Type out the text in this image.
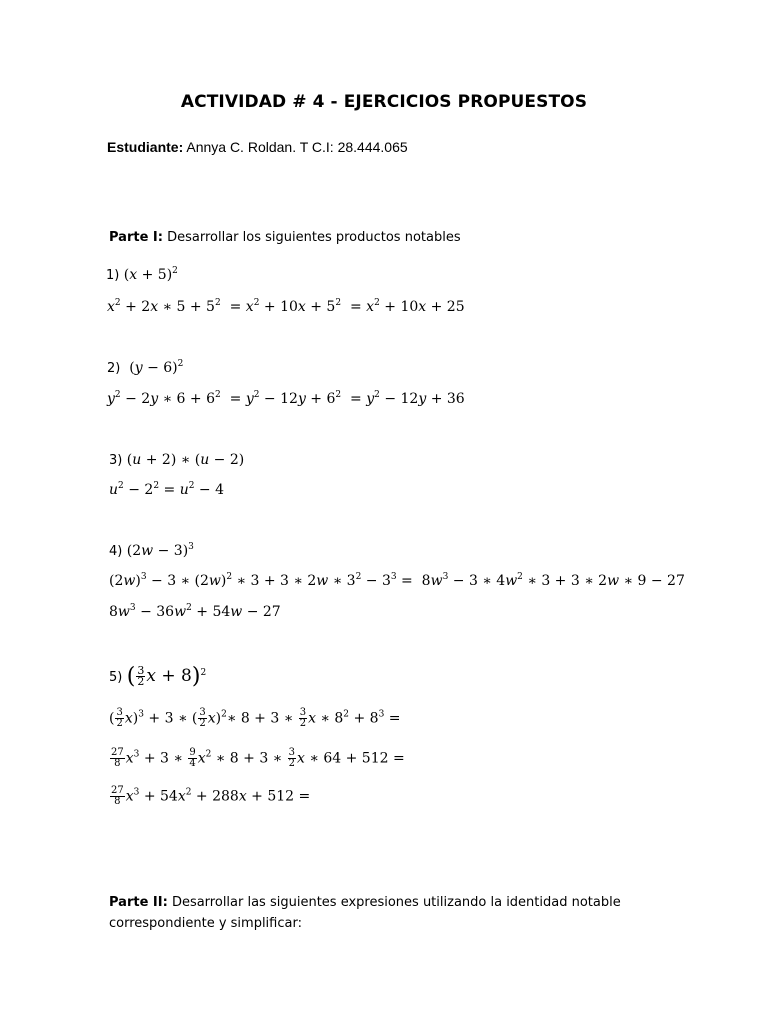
ACTIVIDAD # 4 - EJERCICIOS PROPUESTOS
Estudiante: Annya C. Roldan. T C.I: 28.444.065
Parte I: Desarrollar los siguientes productos notables
1) $(x + 5)^2$
$x^2 + 2x$ ∗ $5 + 5^2 = x^2 + 10x + 5^2 = x^2 + 10x + 25$
2)  $(y - 6)^2$
$y^2 - 2y$ ∗ $6 + 6^2 = y^2 - 12y + 6^2 = y^2 - 12y + 36$
3) (u + 2) ∗ (u − 2)
$u^2 - 2^2 = u^2 - 4$
4) $(2w - 3)^3$
$(2w)^3 - 3$ ∗ $(2w)^2$ ∗ 3 + 3 ∗ 2w ∗ $3^2 - 3^3 = 8w^3 - 3$ ∗ $4w^2$ ∗ 3 + 3 ∗ 2w ∗ 9 − 27
$8w^3 - 36w^2 + 54w - 27$
5) ( $\frac{3}{2}$ x + 8)$^2$
( $\frac{3}{2} x)^3 + 3$ ∗ ( $\frac{3}{2}$ x)$^2$∗ 8 + 3 ∗ $\frac{3}{2}$ x ∗ $8^2 + 8^3$ =
$\frac{27}{8} x^3 + 3$ ∗ $\frac{9}{4} x^2$ ∗ 8 + 3 ∗ $\frac{3}{2}$ x ∗ 64 + 512 =
$\frac{27}{8} x^3 + 54x^2 + 288x + 512$ =
Parte II: Desarrollar las siguientes expresiones utilizando la identidad notable
correspondiente y simplificar:
